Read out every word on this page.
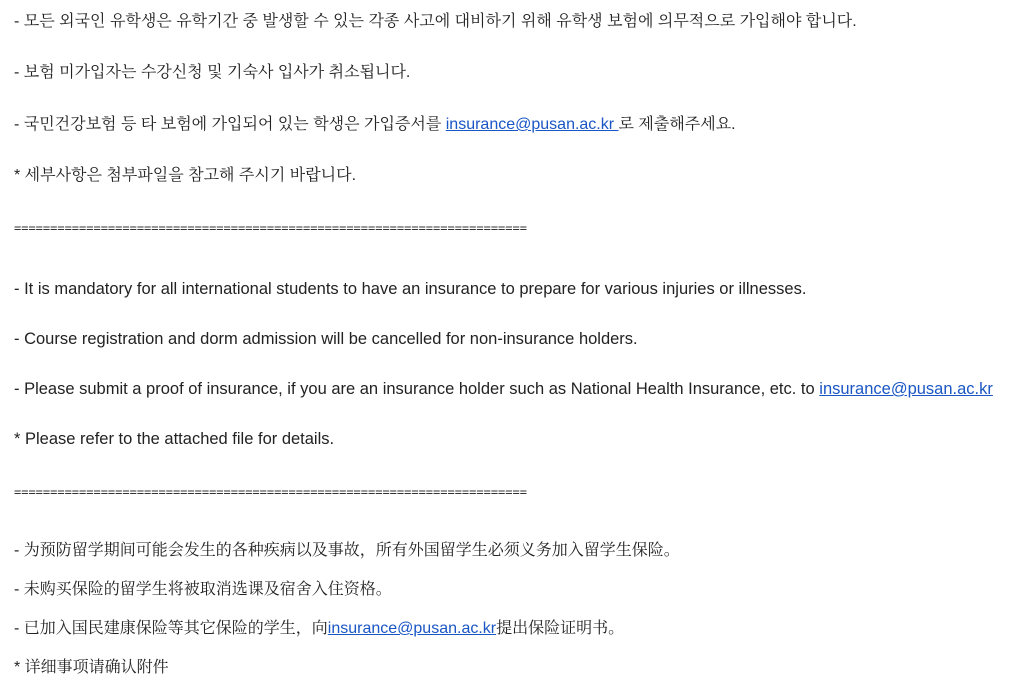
- 모든 외국인 유학생은 유학기간 중 발생할 수 있는 각종 사고에 대비하기 위해 유학생 보험에 의무적으로 가입해야 합니다.
- 보험 미가입자는 수강신청 및 기숙사 입사가 취소됩니다.
- 국민건강보험 등 타 보험에 가입되어 있는 학생은 가입증서를 insurance@pusan.ac.kr 로 제출해주세요.
* 세부사항은 첨부파일을 참고해 주시기 바랍니다.
=======================================================================
- It is mandatory for all international students to have an insurance to prepare for various injuries or illnesses.
- Course registration and dorm admission will be cancelled for non-insurance holders.
- Please submit a proof of insurance, if you are an insurance holder such as National Health Insurance, etc. to insurance@pusan.ac.kr
* Please refer to the attached file for details.
=======================================================================
- 为预防留学期间可能会发生的各种疾病以及事故，所有外国留学生必须义务加入留学生保险。
- 未购买保险的留学生将被取消选课及宿舍入住资格。
- 已加入国民建康保险等其它保险的学生，向insurance@pusan.ac.kr提出保险证明书。
* 详细事项请确认附件
